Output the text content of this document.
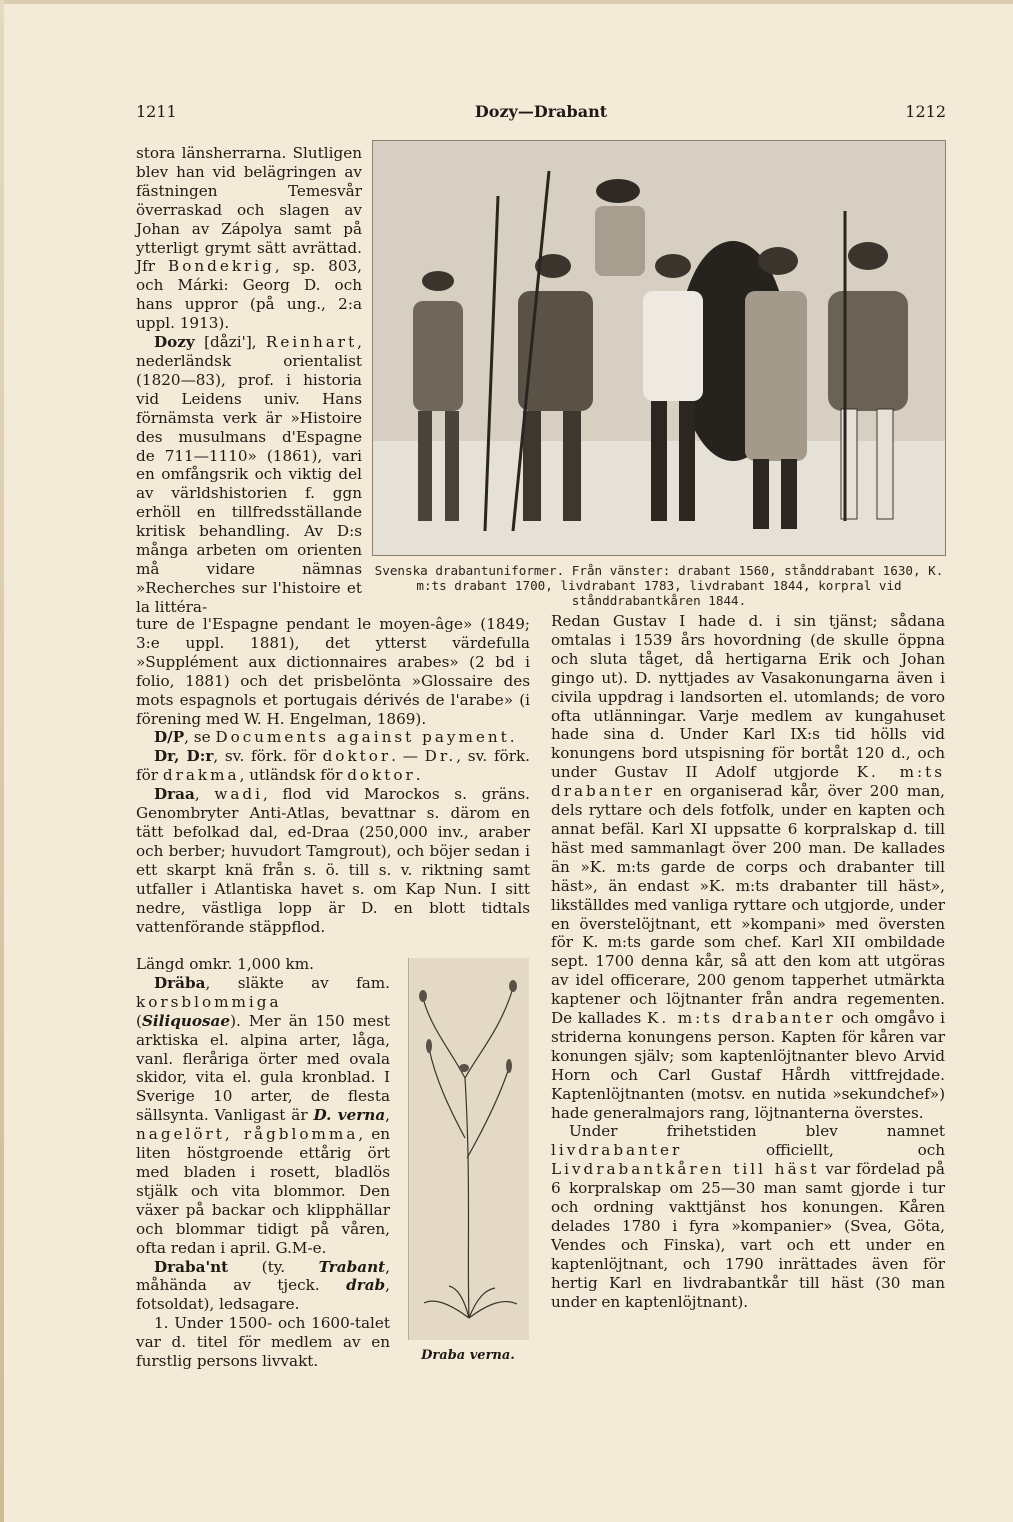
1211	Dozy—Drabant	1212

stora länsherrarna. Slutligen blev han vid belägringen av fästningen Temesvår överraskad och slagen av Johan av Zápolya samt på ytterligt grymt sätt avrättad. Jfr Bondekrig, sp. 803, och Márki: Georg D. och hans uppror (på ung., 2:a uppl. 1913).

Dozy [dåzi'], Reinhart, nederländsk orientalist (1820—83), prof. i historia vid Leidens univ. Hans förnämsta verk är »Histoire des musulmans d'Espagne de 711—1110» (1861), vari en omfångsrik och viktig del av världshistorien f. ggn erhöll en tillfredsställande kritisk behandling. Av D:s många arbeten om orienten må vidare nämnas »Recherches sur l'histoire et la littéra-

Svenska drabantuniformer. Från vänster: drabant 1560, stånddrabant 1630, K. m:ts drabant 1700, livdrabant 1783, livdrabant 1844, korpral vid stånddrabantkåren 1844.

ture de l'Espagne pendant le moyen-âge» (1849; 3:e uppl. 1881), det ytterst värdefulla »Supplément aux dictionnaires arabes» (2 bd i folio, 1881) och det prisbelönta »Glossaire des mots espagnols et portugais dérivés de l'arabe» (i förening med W. H. Engelman, 1869).

D/P, se Documents against payment.

Dr, D:r, sv. förk. för doktor. — Dr., sv. förk. för drakma, utländsk för doktor.

Draa, wadi, flod vid Marockos s. gräns. Genombryter Anti-Atlas, bevattnar s. därom en tätt befolkad dal, ed-Draa (250,000 inv., araber och berber; huvudort Tamgrout), och böjer sedan i ett skarpt knä från s. ö. till s. v. riktning samt utfaller i Atlantiska havet s. om Kap Nun. I sitt nedre, västliga lopp är D. en blott tidtals vattenförande stäppflod.

Längd omkr. 1,000 km.

Dräba, släkte av fam. korsblommiga (Siliquosae). Mer än 150 mest arktiska el. alpina arter, låga, vanl. fleråriga örter med ovala skidor, vita el. gula kronblad. I Sverige 10 arter, de flesta sällsynta. Vanligast är D. verna, nagelört, rågblomma, en liten höstgroende ettårig ört med bladen i rosett, bladlös stjälk och vita blommor. Den växer på backar och klipphällar och blommar tidigt på våren, ofta redan i april. G.M-e.

Draba'nt (ty. Trabant, måhända av tjeck. drab, fotsoldat), ledsagare.

1. Under 1500- och 1600-talet var d. titel för medlem av en furstlig persons livvakt.	Draba verna.

Redan Gustav I hade d. i sin tjänst; sådana omtalas i 1539 års hovordning (de skulle öppna och sluta tåget, då hertigarna Erik och Johan gingo ut). D. nyttjades av Vasakonungarna även i civila uppdrag i landsorten el. utomlands; de voro ofta utlänningar. Varje medlem av kungahuset hade sina d. Under Karl IX:s tid hölls vid konungens bord utspisning för bortåt 120 d., och under Gustav II Adolf utgjorde K. m:ts drabanter en organiserad kår, över 200 man, dels ryttare och dels fotfolk, under en kapten och annat befäl. Karl XI uppsatte 6 korpralskap d. till häst med sammanlagt över 200 man. De kallades än »K. m:ts garde de corps och drabanter till häst», än endast »K. m:ts drabanter till häst», likställdes med vanliga ryttare och utgjorde, under en överstelöjtnant, ett »kompani» med översten för K. m:ts garde som chef. Karl XII ombildade sept. 1700 denna kår, så att den kom att utgöras av idel officerare, 200 genom tapperhet utmärkta kaptener och löjtnanter från andra regementen. De kallades K. m:ts drabanter och omgåvo i striderna konungens person. Kapten för kåren var konungen själv; som kaptenlöjtnanter blevo Arvid Horn och Carl Gustaf Hårdh vittfrejdade. Kaptenlöjtnanten (motsv. en nutida »sekundchef») hade generalmajors rang, löjtnanterna överstes.

Under frihetstiden blev namnet livdrabanter officiellt, och Livdrabantkåren till häst var fördelad på 6 korpralskap om 25—30 man samt gjorde i tur och ordning vakttjänst hos konungen. Kåren delades 1780 i fyra »kompanier» (Svea, Göta, Vendes och Finska), vart och ett under en kaptenlöjtnant, och 1790 inrättades även för hertig Karl en livdrabantkår till häst (30 man under en kaptenlöjtnant).
